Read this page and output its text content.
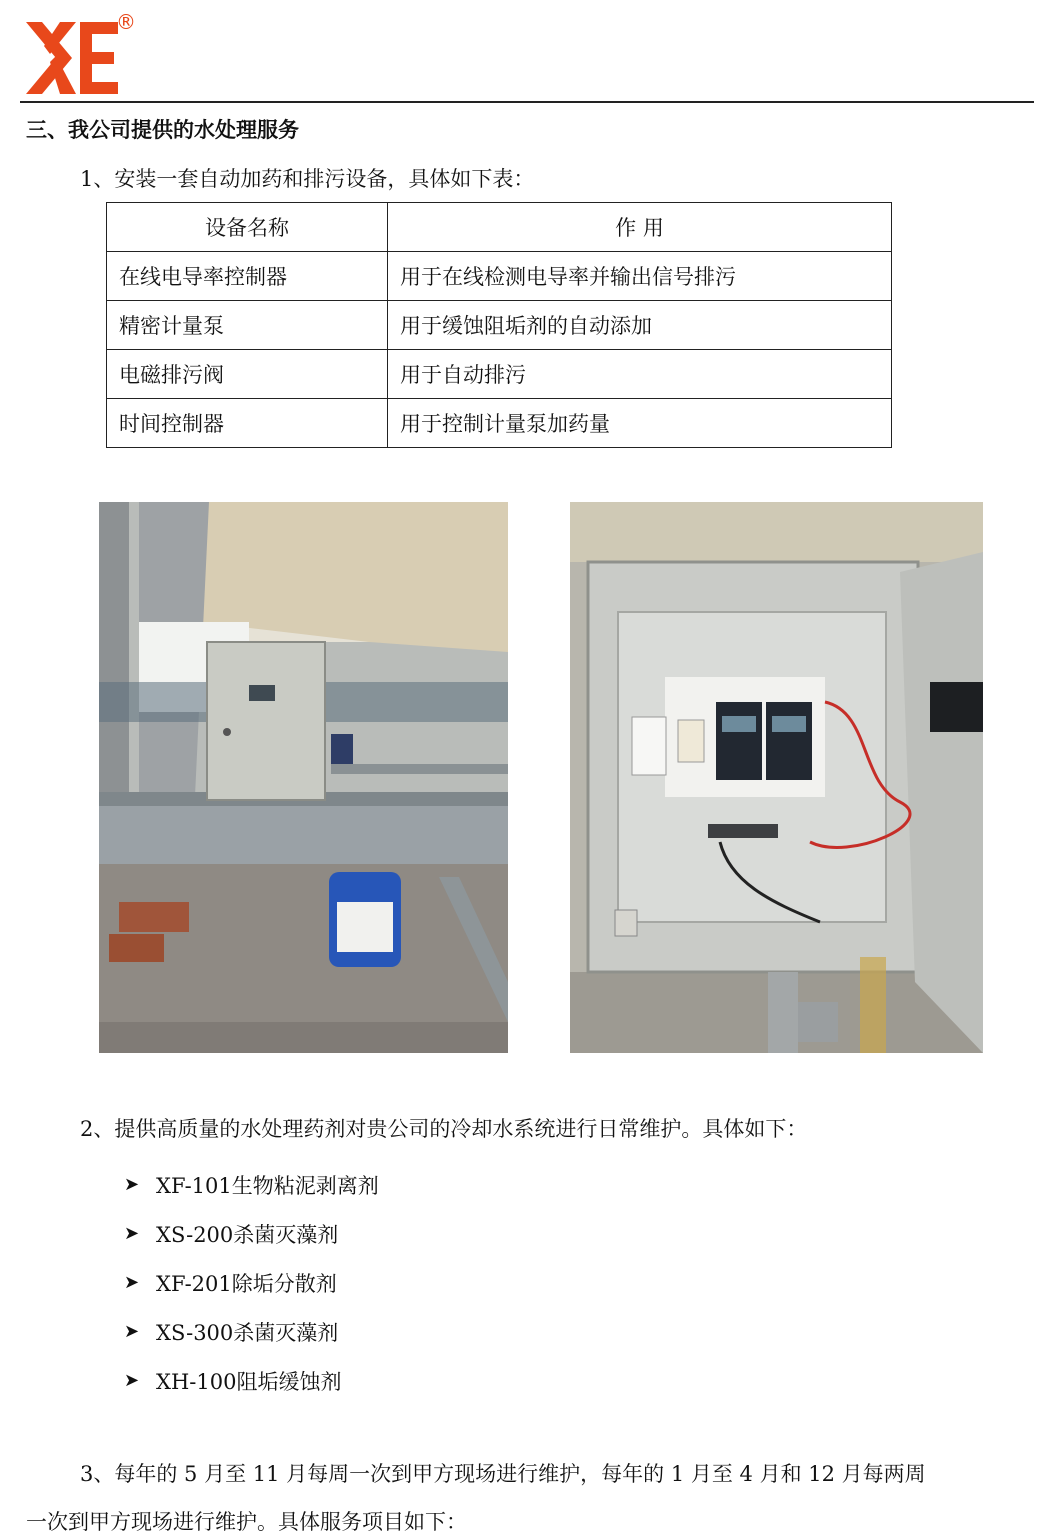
®
三、我公司提供的水处理服务
1、安装一套自动加药和排污设备，具体如下表：
设备名称	作 用
在线电导率控制器	用于在线检测电导率并输出信号排污
精密计量泵	用于缓蚀阻垢剂的自动添加
电磁排污阀	用于自动排污
时间控制器	用于控制计量泵加药量
2、提供高质量的水处理药剂对贵公司的冷却水系统进行日常维护。具体如下：
➤ XF-101生物粘泥剥离剂
➤ XS-200杀菌灭藻剂
➤ XF-201除垢分散剂
➤ XS-300杀菌灭藻剂
➤ XH-100阻垢缓蚀剂
3、每年的 5 月至 11 月每周一次到甲方现场进行维护，每年的 1 月至 4 月和 12 月每两周
一次到甲方现场进行维护。具体服务项目如下：
